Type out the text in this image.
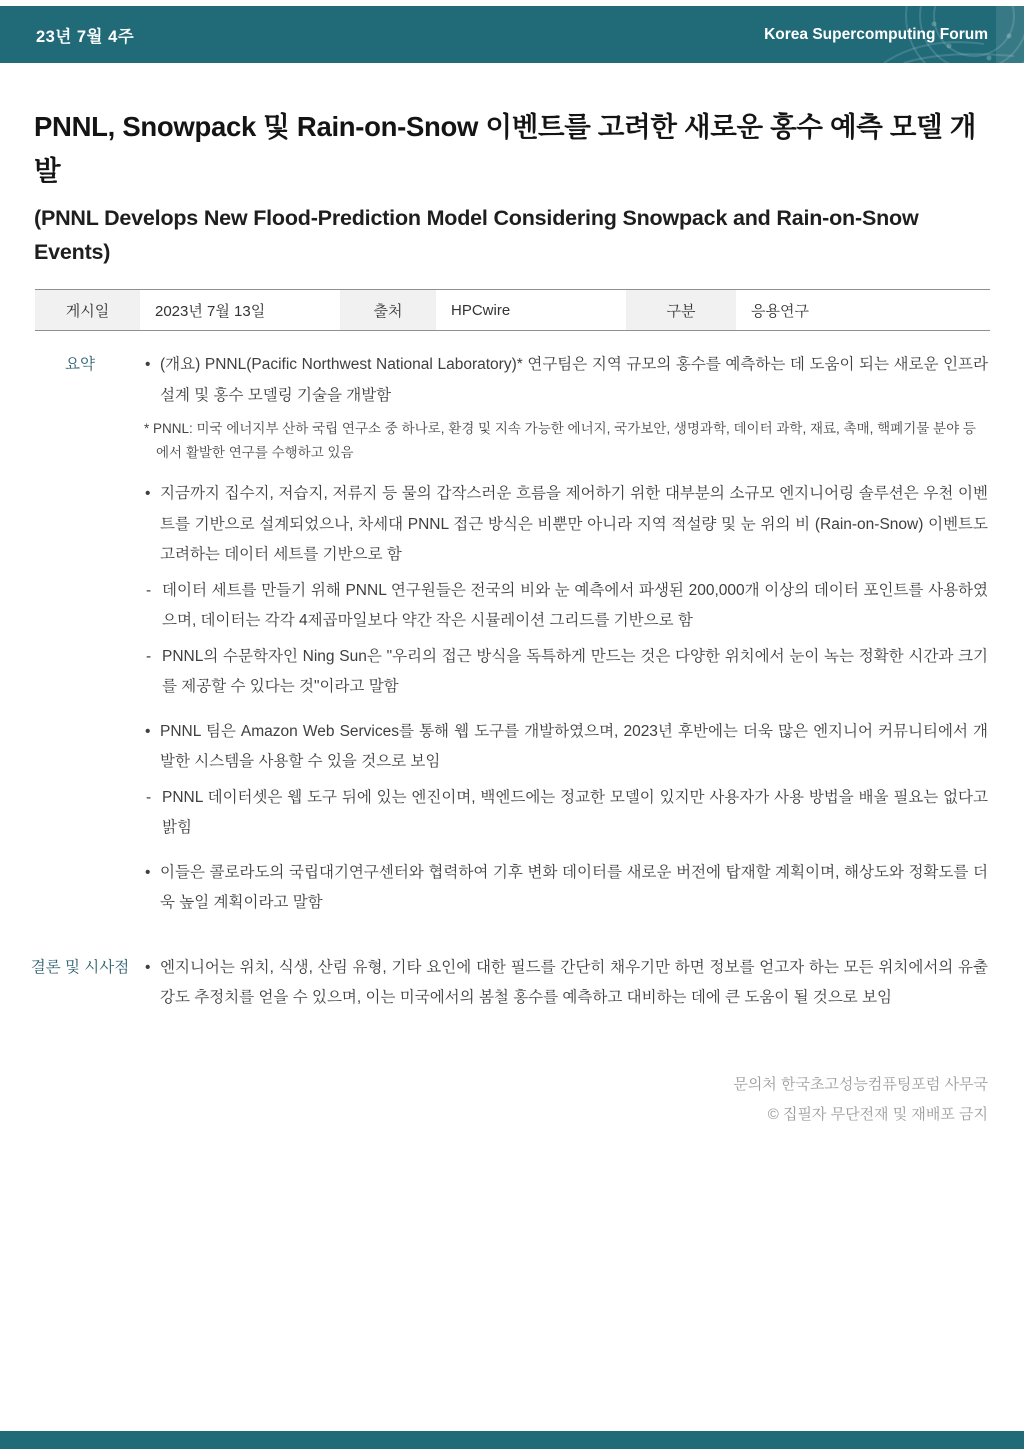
23년 7월 4주	Korea Supercomputing Forum
PNNL, Snowpack 및 Rain-on-Snow 이벤트를 고려한 새로운 홍수 예측 모델 개발
(PNNL Develops New Flood-Prediction Model Considering Snowpack and Rain-on-Snow Events)
게시일	2023년 7월 13일	출처	HPCwire	구분	응용연구
요약	• (개요) PNNL(Pacific Northwest National Laboratory)* 연구팀은 지역 규모의 홍수를 예측하는 데 도움이 되는 새로운 인프라 설계 및 홍수 모델링 기술을 개발함

* PNNL: 미국 에너지부 산하 국립 연구소 중 하나로, 환경 및 지속 가능한 에너지, 국가보안, 생명과학, 데이터 과학, 재료, 촉매, 핵폐기물 분야 등에서 활발한 연구를 수행하고 있음

• 지금까지 집수지, 저습지, 저류지 등 물의 갑작스러운 흐름을 제어하기 위한 대부분의 소규모 엔지니어링 솔루션은 우천 이벤트를 기반으로 설계되었으나, 차세대 PNNL 접근 방식은 비뿐만 아니라 지역 적설량 및 눈 위의 비 (Rain-on-Snow) 이벤트도 고려하는 데이터 세트를 기반으로 함

- 데이터 세트를 만들기 위해 PNNL 연구원들은 전국의 비와 눈 예측에서 파생된 200,000개 이상의 데이터 포인트를 사용하였으며, 데이터는 각각 4제곱마일보다 약간 작은 시뮬레이션 그리드를 기반으로 함

- PNNL의 수문학자인 Ning Sun은 "우리의 접근 방식을 독특하게 만드는 것은 다양한 위치에서 눈이 녹는 정확한 시간과 크기를 제공할 수 있다는 것"이라고 말함

• PNNL 팀은 Amazon Web Services를 통해 웹 도구를 개발하였으며, 2023년 후반에는 더욱 많은 엔지니어 커뮤니티에서 개발한 시스템을 사용할 수 있을 것으로 보임

- PNNL 데이터셋은 웹 도구 뒤에 있는 엔진이며, 백엔드에는 정교한 모델이 있지만 사용자가 사용 방법을 배울 필요는 없다고 밝힘

• 이들은 콜로라도의 국립대기연구센터와 협력하여 기후 변화 데이터를 새로운 버전에 탑재할 계획이며, 해상도와 정확도를 더욱 높일 계획이라고 말함

결론 및 시사점	• 엔지니어는 위치, 식생, 산림 유형, 기타 요인에 대한 필드를 간단히 채우기만 하면 정보를 얻고자 하는 모든 위치에서의 유출 강도 추정치를 얻을 수 있으며, 이는 미국에서의 봄철 홍수를 예측하고 대비하는 데에 큰 도움이 될 것으로 보임

문의처 한국초고성능컴퓨팅포럼 사무국
© 집필자 무단전재 및 재배포 금지
